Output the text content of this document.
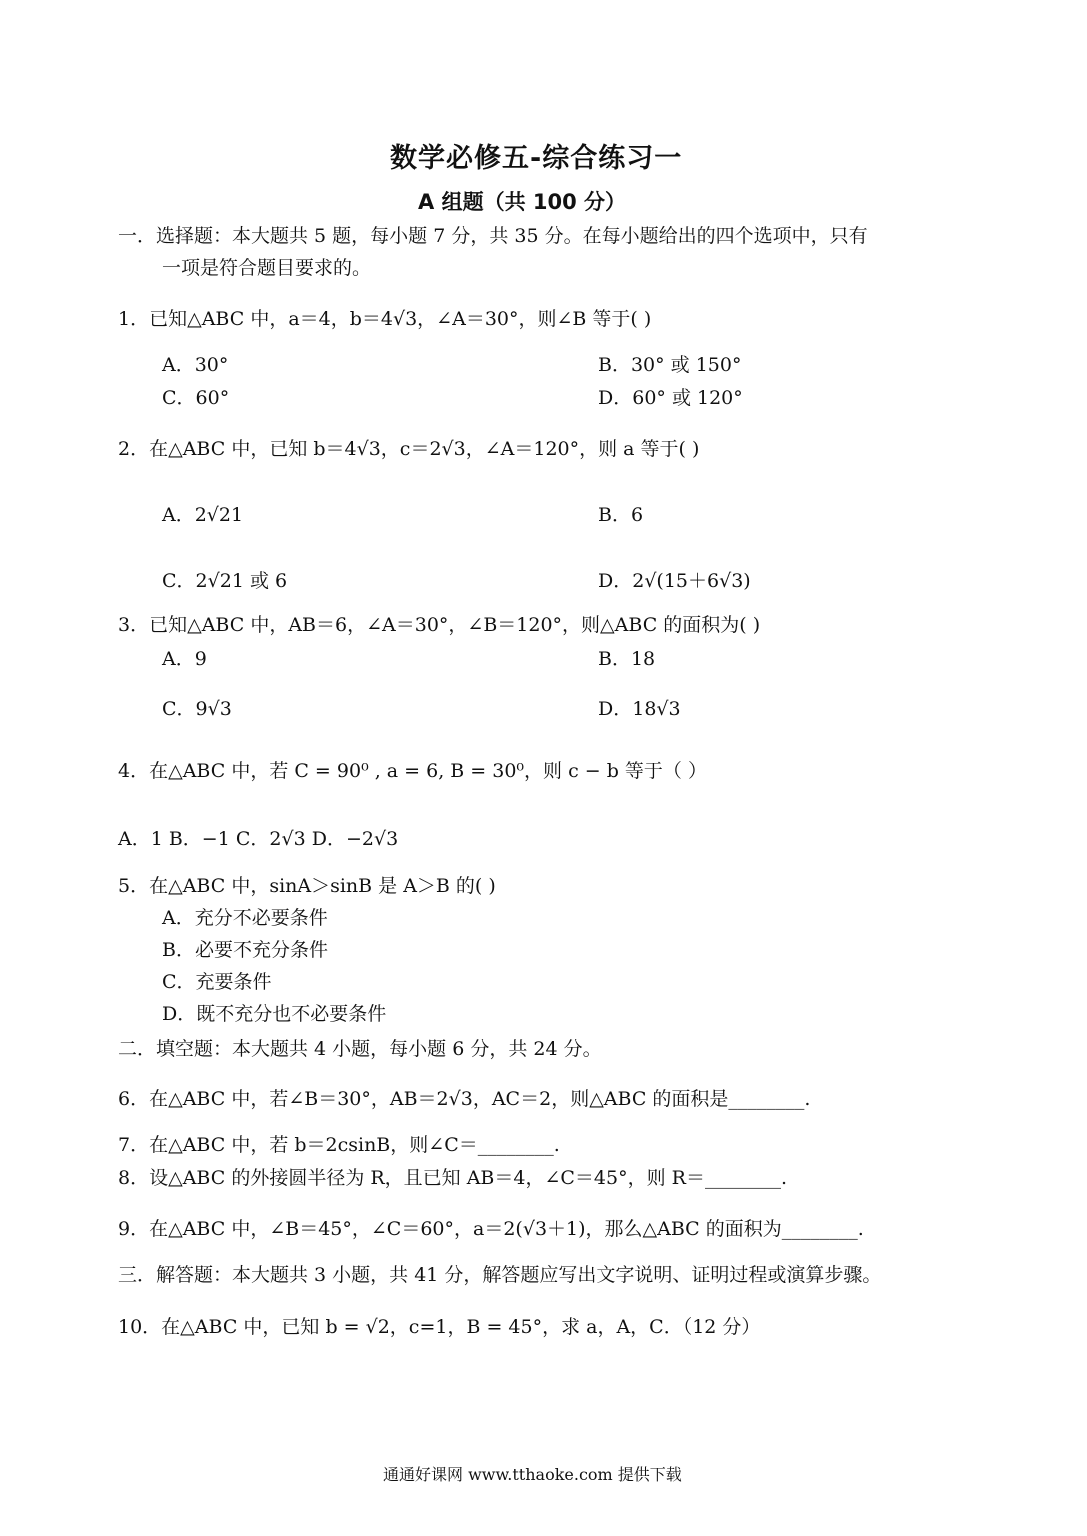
数学必修五-综合练习一
A 组题（共 100 分）
一．选择题：本大题共 5 题，每小题 7 分，共 35 分。在每小题给出的四个选项中，只有
一项是符合题目要求的。
1．已知△ABC 中，a＝4，b＝4√3，∠A＝30°，则∠B 等于( )
A．30°	B．30° 或 150°
C．60°	D．60° 或 120°
2．在△ABC 中，已知 b＝4√3，c＝2√3，∠A＝120°，则 a 等于( )
A．2√21	B．6
C．2√21 或 6	D．2√(15＋6√3)
3．已知△ABC 中，AB＝6，∠A＝30°，∠B＝120°，则△ABC 的面积为( )
A．9	B．18
C．9√3	D．18√3
4．在△ABC 中，若 C = 90⁰ , a = 6, B = 30⁰，则 c − b 等于（ ）
A．1 B．−1 C．2√3 D．−2√3
5．在△ABC 中，sinA＞sinB 是 A＞B 的( )
A．充分不必要条件
B．必要不充分条件
C．充要条件
D．既不充分也不必要条件
二．填空题：本大题共 4 小题，每小题 6 分，共 24 分。
6．在△ABC 中，若∠B＝30°，AB＝2√3，AC＝2，则△ABC 的面积是________.
7．在△ABC 中，若 b＝2csinB，则∠C＝________.
8．设△ABC 的外接圆半径为 R，且已知 AB＝4，∠C＝45°，则 R＝________.
9．在△ABC 中，∠B＝45°，∠C＝60°，a＝2(√3＋1)，那么△ABC 的面积为________.
三．解答题：本大题共 3 小题，共 41 分，解答题应写出文字说明、证明过程或演算步骤。
10．在△ABC 中，已知 b = √2，c=1，B = 45°，求 a，A，C．（12 分）
通通好课网 www.tthaoke.com 提供下载
